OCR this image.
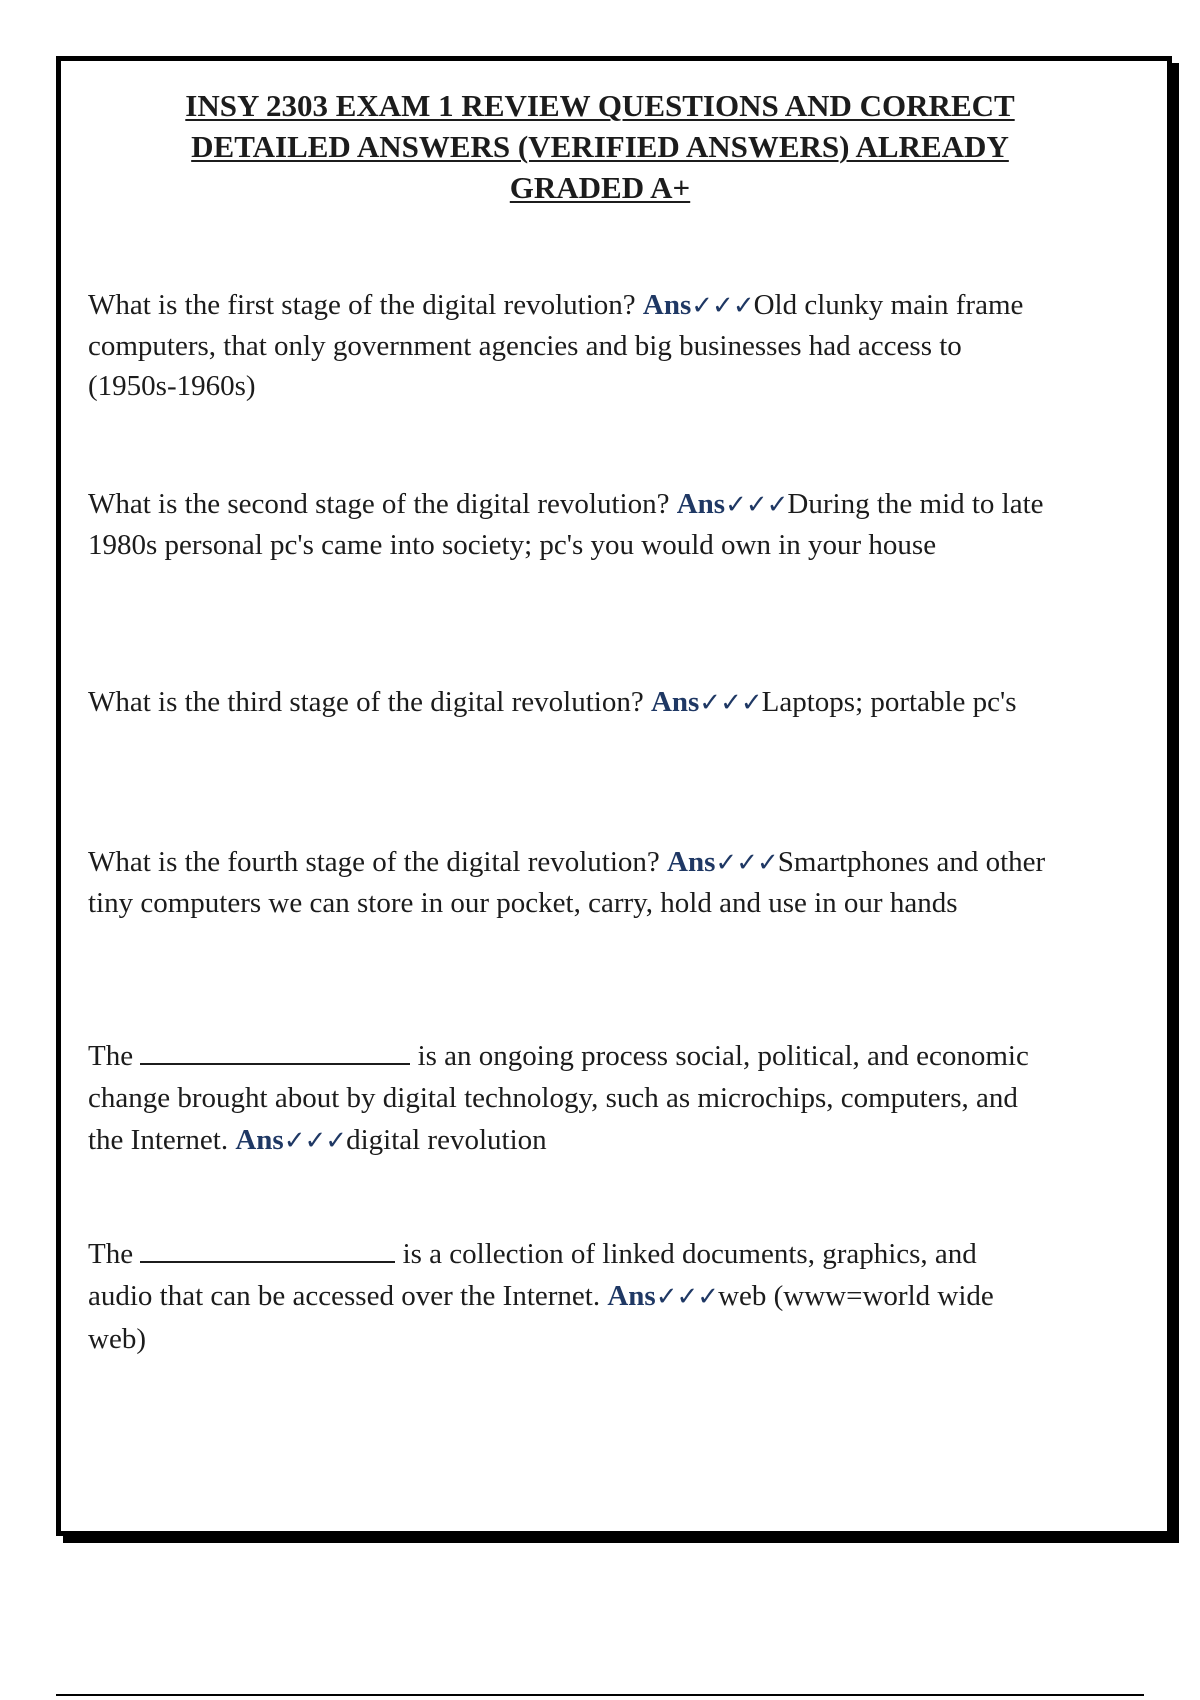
INSY 2303 EXAM 1 REVIEW QUESTIONS AND CORRECT
DETAILED ANSWERS (VERIFIED ANSWERS) ALREADY
GRADED A+

What is the first stage of the digital revolution? Ans✓✓✓Old clunky main frame computers, that only government agencies and big businesses had access to (1950s-1960s)

What is the second stage of the digital revolution? Ans✓✓✓During the mid to late 1980s personal pc's came into society; pc's you would own in your house

What is the third stage of the digital revolution? Ans✓✓✓Laptops; portable pc's

What is the fourth stage of the digital revolution? Ans✓✓✓Smartphones and other tiny computers we can store in our pocket, carry, hold and use in our hands

The	is an ongoing process social, political, and economic change brought about by digital technology, such as microchips, computers, and the Internet. Ans✓✓✓digital revolution

The	is a collection of linked documents, graphics, and audio that can be accessed over the Internet. Ans✓✓✓web (www=world wide web)
